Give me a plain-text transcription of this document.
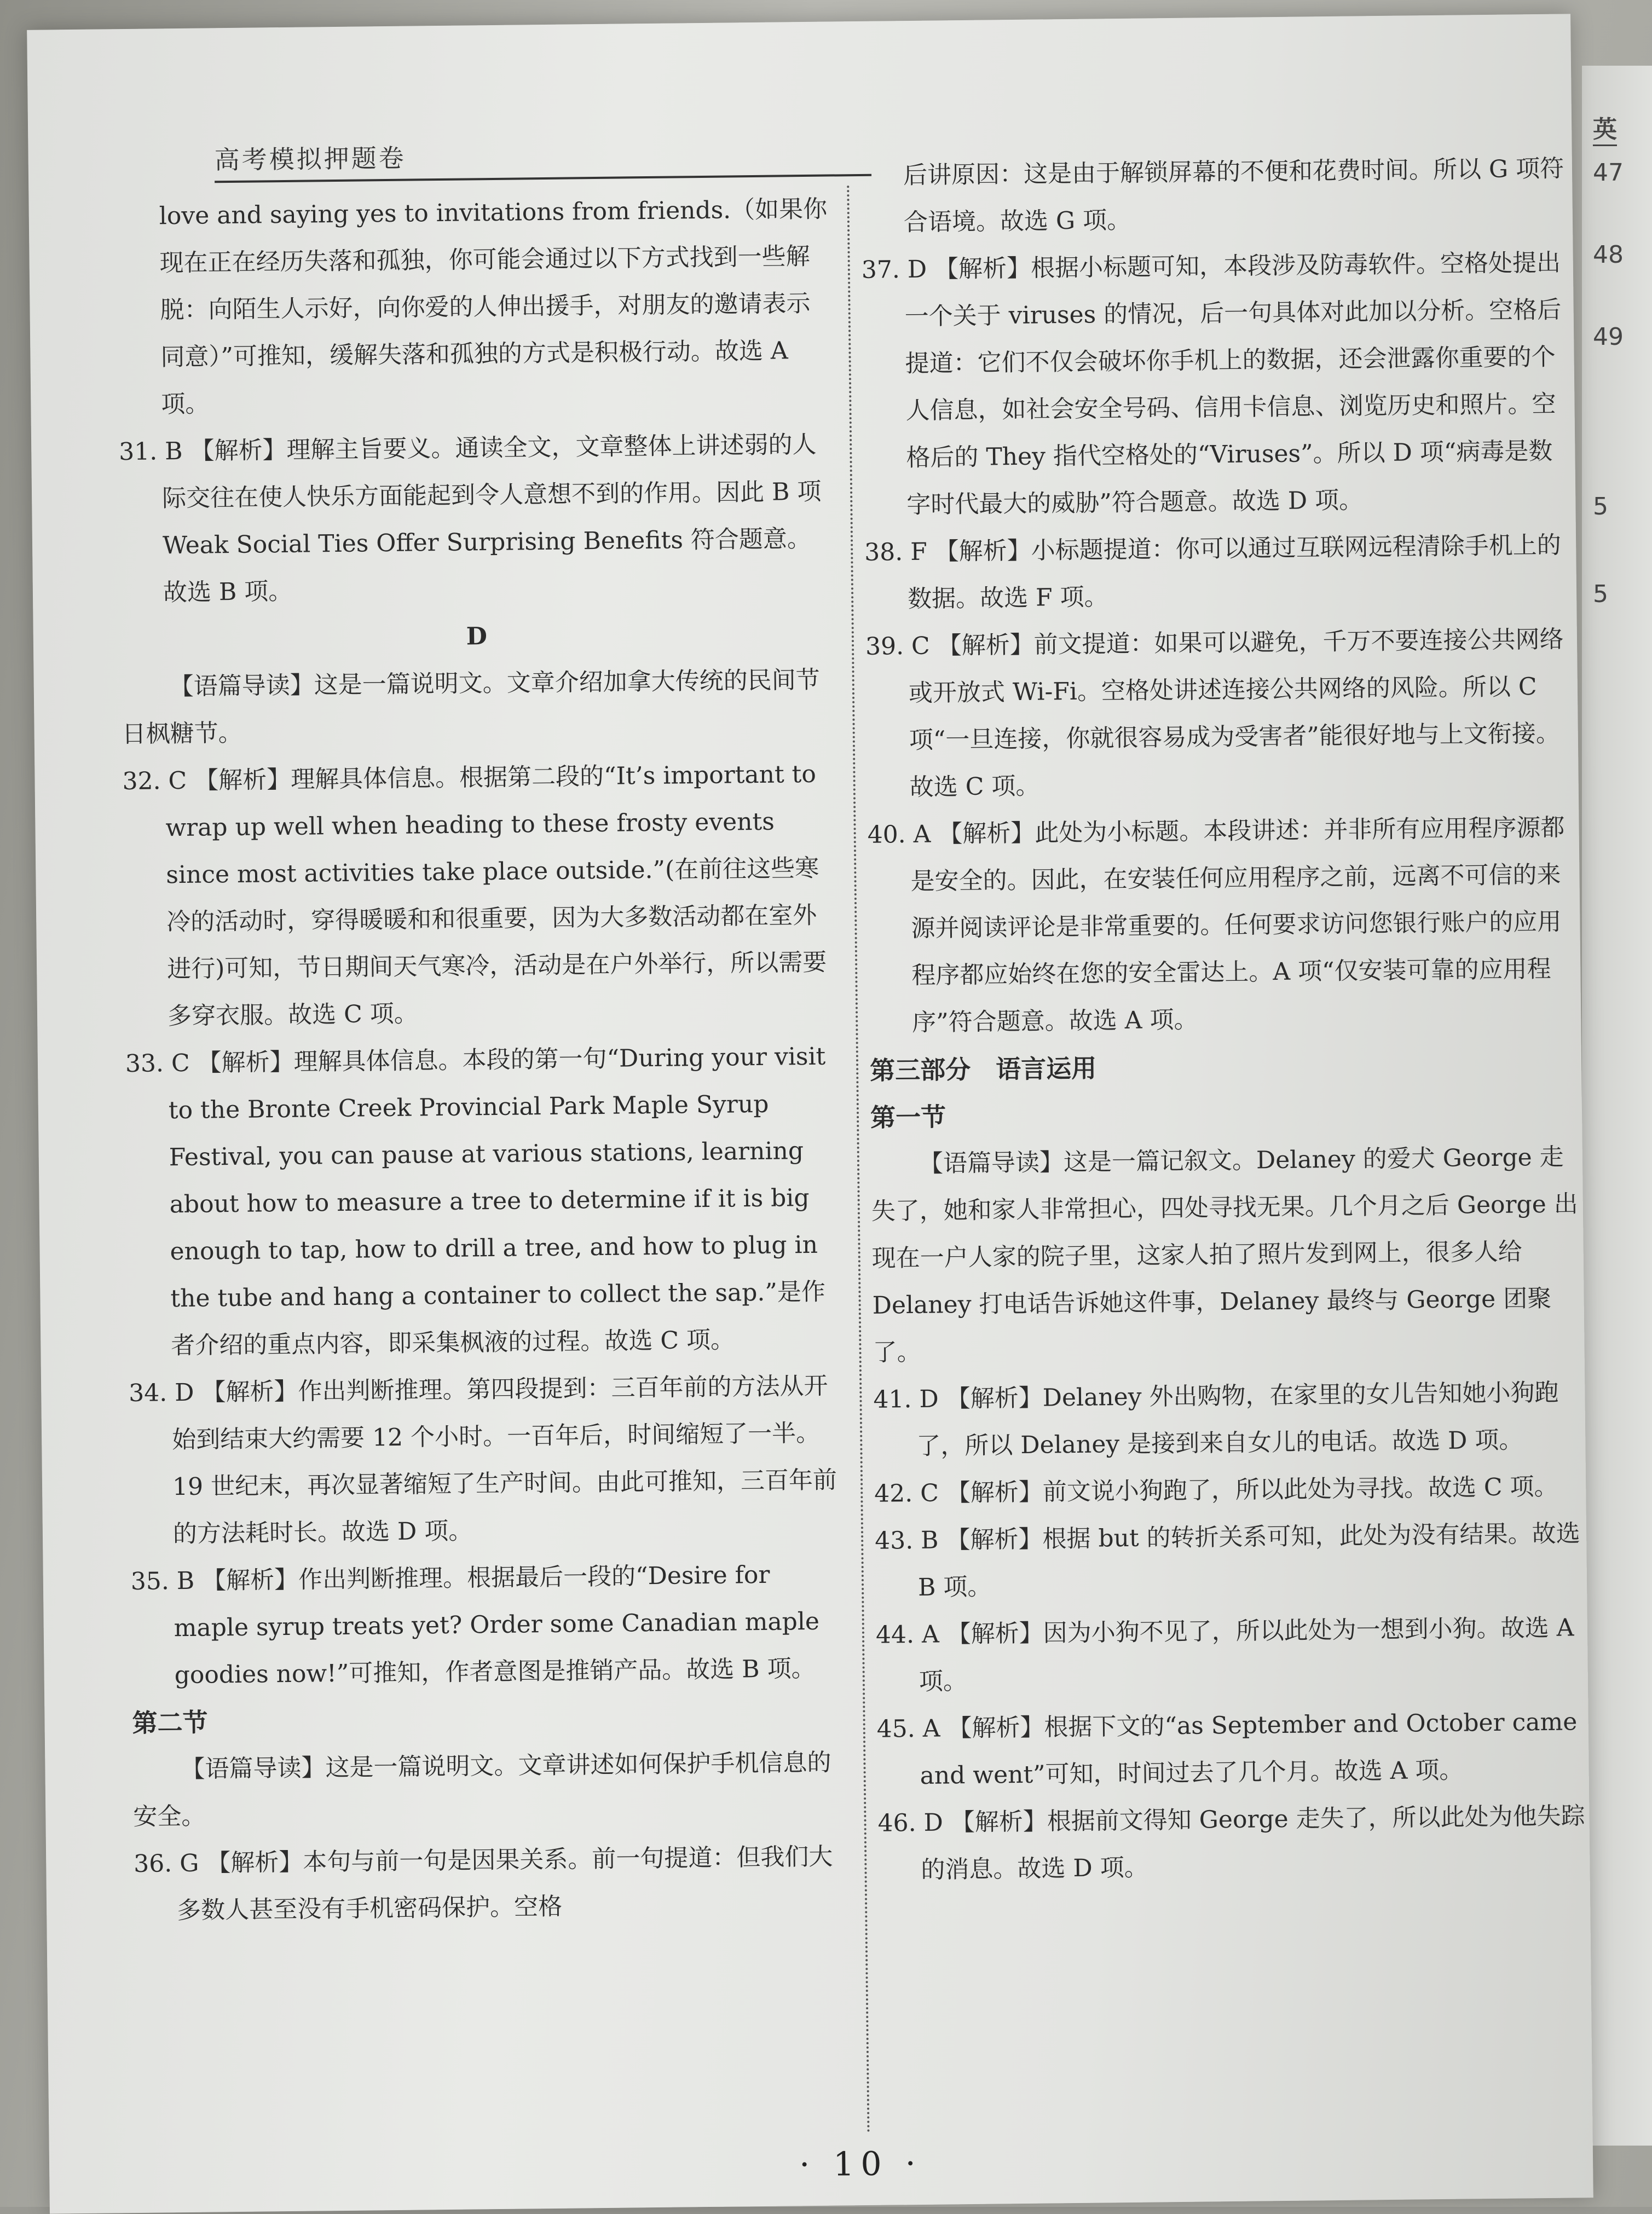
英
47
48
49
5
5
高考模拟押题卷

love and saying yes to invitations from friends.（如果你现在正在经历失落和孤独，你可能会通过以下方式找到一些解脱：向陌生人示好，向你爱的人伸出援手，对朋友的邀请表示同意）”可推知，缓解失落和孤独的方式是积极行动。故选 A 项。

31. B 【解析】理解主旨要义。通读全文，文章整体上讲述弱的人际交往在使人快乐方面能起到令人意想不到的作用。因此 B 项 Weak Social Ties Offer Surprising Benefits 符合题意。故选 B 项。

D

【语篇导读】这是一篇说明文。文章介绍加拿大传统的民间节日枫糖节。

32. C 【解析】理解具体信息。根据第二段的“It’s important to wrap up well when heading to these frosty events since most activities take place outside.”(在前往这些寒冷的活动时，穿得暖暖和和很重要，因为大多数活动都在室外进行)可知，节日期间天气寒冷，活动是在户外举行，所以需要多穿衣服。故选 C 项。

33. C 【解析】理解具体信息。本段的第一句“During your visit to the Bronte Creek Provincial Park Maple Syrup Festival, you can pause at various stations, learning about how to measure a tree to determine if it is big enough to tap, how to drill a tree, and how to plug in the tube and hang a container to collect the sap.”是作者介绍的重点内容，即采集枫液的过程。故选 C 项。

34. D 【解析】作出判断推理。第四段提到：三百年前的方法从开始到结束大约需要 12 个小时。一百年后，时间缩短了一半。19 世纪末，再次显著缩短了生产时间。由此可推知，三百年前的方法耗时长。故选 D 项。

35. B 【解析】作出判断推理。根据最后一段的“Desire for maple syrup treats yet? Order some Canadian maple goodies now!”可推知，作者意图是推销产品。故选 B 项。

第二节

【语篇导读】这是一篇说明文。文章讲述如何保护手机信息的安全。

36. G 【解析】本句与前一句是因果关系。前一句提道：但我们大多数人甚至没有手机密码保护。空格

后讲原因：这是由于解锁屏幕的不便和花费时间。所以 G 项符合语境。故选 G 项。

37. D 【解析】根据小标题可知，本段涉及防毒软件。空格处提出一个关于 viruses 的情况，后一句具体对此加以分析。空格后提道：它们不仅会破坏你手机上的数据，还会泄露你重要的个人信息，如社会安全号码、信用卡信息、浏览历史和照片。空格后的 They 指代空格处的“Viruses”。所以 D 项“病毒是数字时代最大的威胁”符合题意。故选 D 项。

38. F 【解析】小标题提道：你可以通过互联网远程清除手机上的数据。故选 F 项。

39. C 【解析】前文提道：如果可以避免，千万不要连接公共网络或开放式 Wi-Fi。空格处讲述连接公共网络的风险。所以 C 项“一旦连接，你就很容易成为受害者”能很好地与上文衔接。故选 C 项。

40. A 【解析】此处为小标题。本段讲述：并非所有应用程序源都是安全的。因此，在安装任何应用程序之前，远离不可信的来源并阅读评论是非常重要的。任何要求访问您银行账户的应用程序都应始终在您的安全雷达上。A 项“仅安装可靠的应用程序”符合题意。故选 A 项。

第三部分　语言运用

第一节

【语篇导读】这是一篇记叙文。Delaney 的爱犬 George 走失了，她和家人非常担心，四处寻找无果。几个月之后 George 出现在一户人家的院子里，这家人拍了照片发到网上，很多人给 Delaney 打电话告诉她这件事，Delaney 最终与 George 团聚了。

41. D 【解析】Delaney 外出购物，在家里的女儿告知她小狗跑了，所以 Delaney 是接到来自女儿的电话。故选 D 项。

42. C 【解析】前文说小狗跑了，所以此处为寻找。故选 C 项。

43. B 【解析】根据 but 的转折关系可知，此处为没有结果。故选 B 项。

44. A 【解析】因为小狗不见了，所以此处为一想到小狗。故选 A 项。

45. A 【解析】根据下文的“as September and October came and went”可知，时间过去了几个月。故选 A 项。

46. D 【解析】根据前文得知 George 走失了，所以此处为他失踪的消息。故选 D 项。

· 10 ·
